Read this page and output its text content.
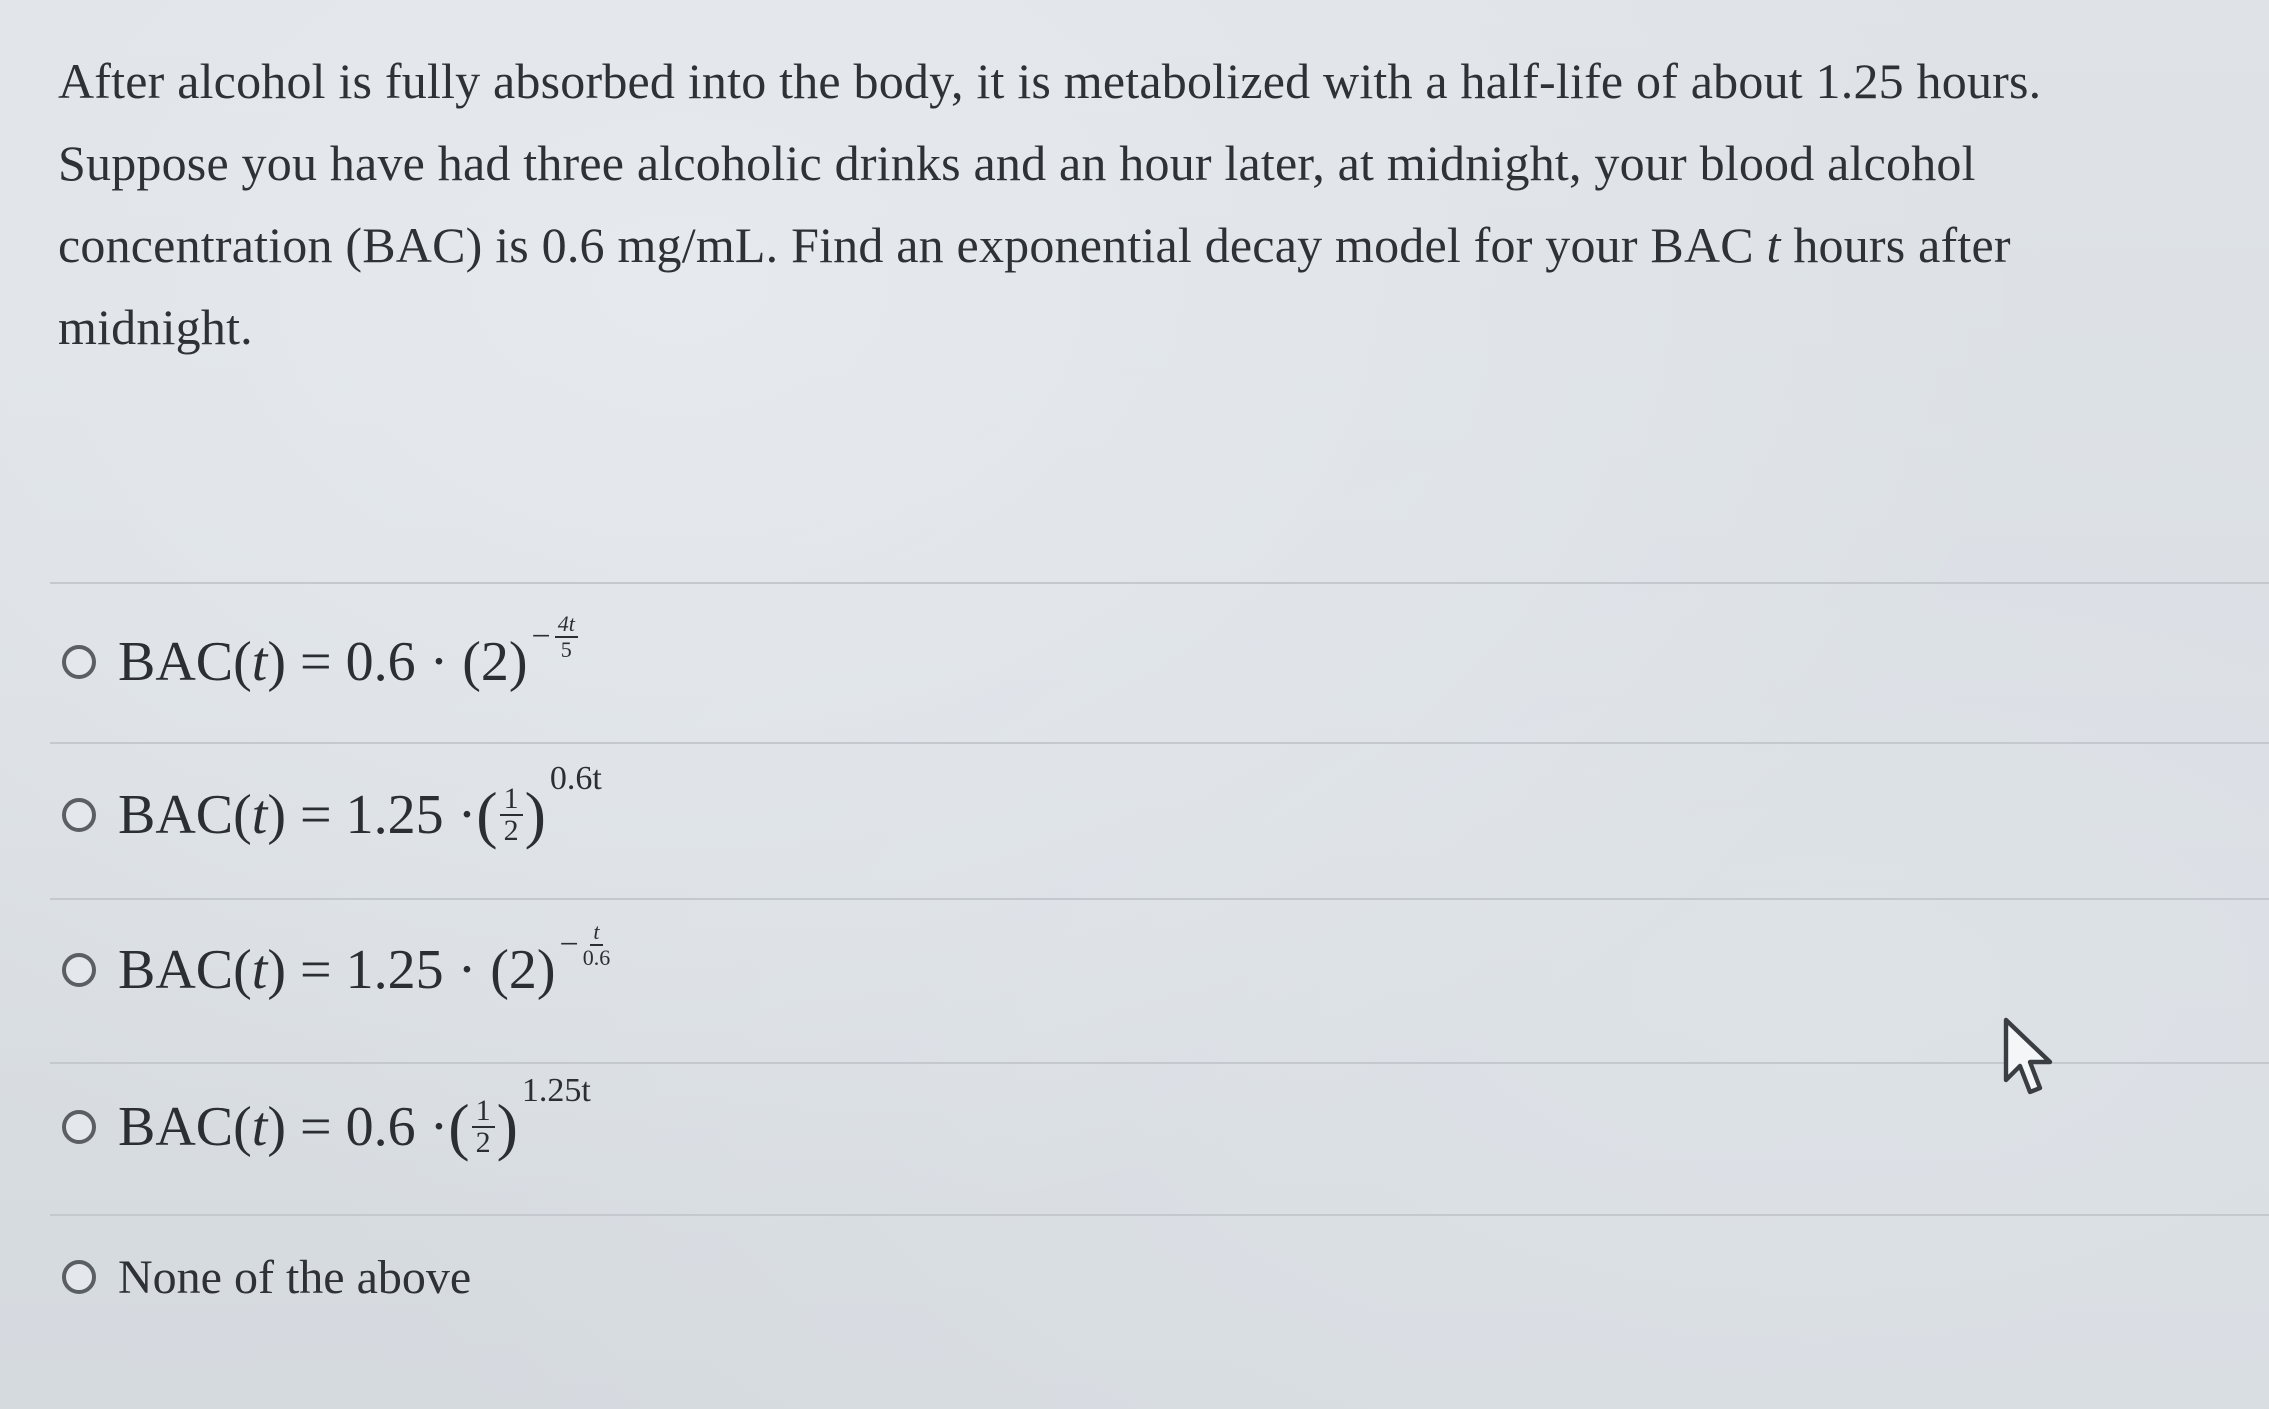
After alcohol is fully absorbed into the body, it is metabolized with a half-life of about 1.25 hours.
Suppose you have had three alcoholic drinks and an hour later, at midnight, your blood alcohol
concentration (BAC) is 0.6 mg/mL. Find an exponential decay model for your BAC t hours after
midnight.
BAC( t ) = $0.6 \cdot (2) - \frac{4t}{5}$
BAC( t ) = 1.25 · ( $\frac{1}{2}$ )
0.6t
BAC( t ) = $1.25 \cdot (2) - \frac{t}{0.6}$
BAC( t ) = 0.6 · ( $\frac{1}{2}$ )
1.25t
None of the above
